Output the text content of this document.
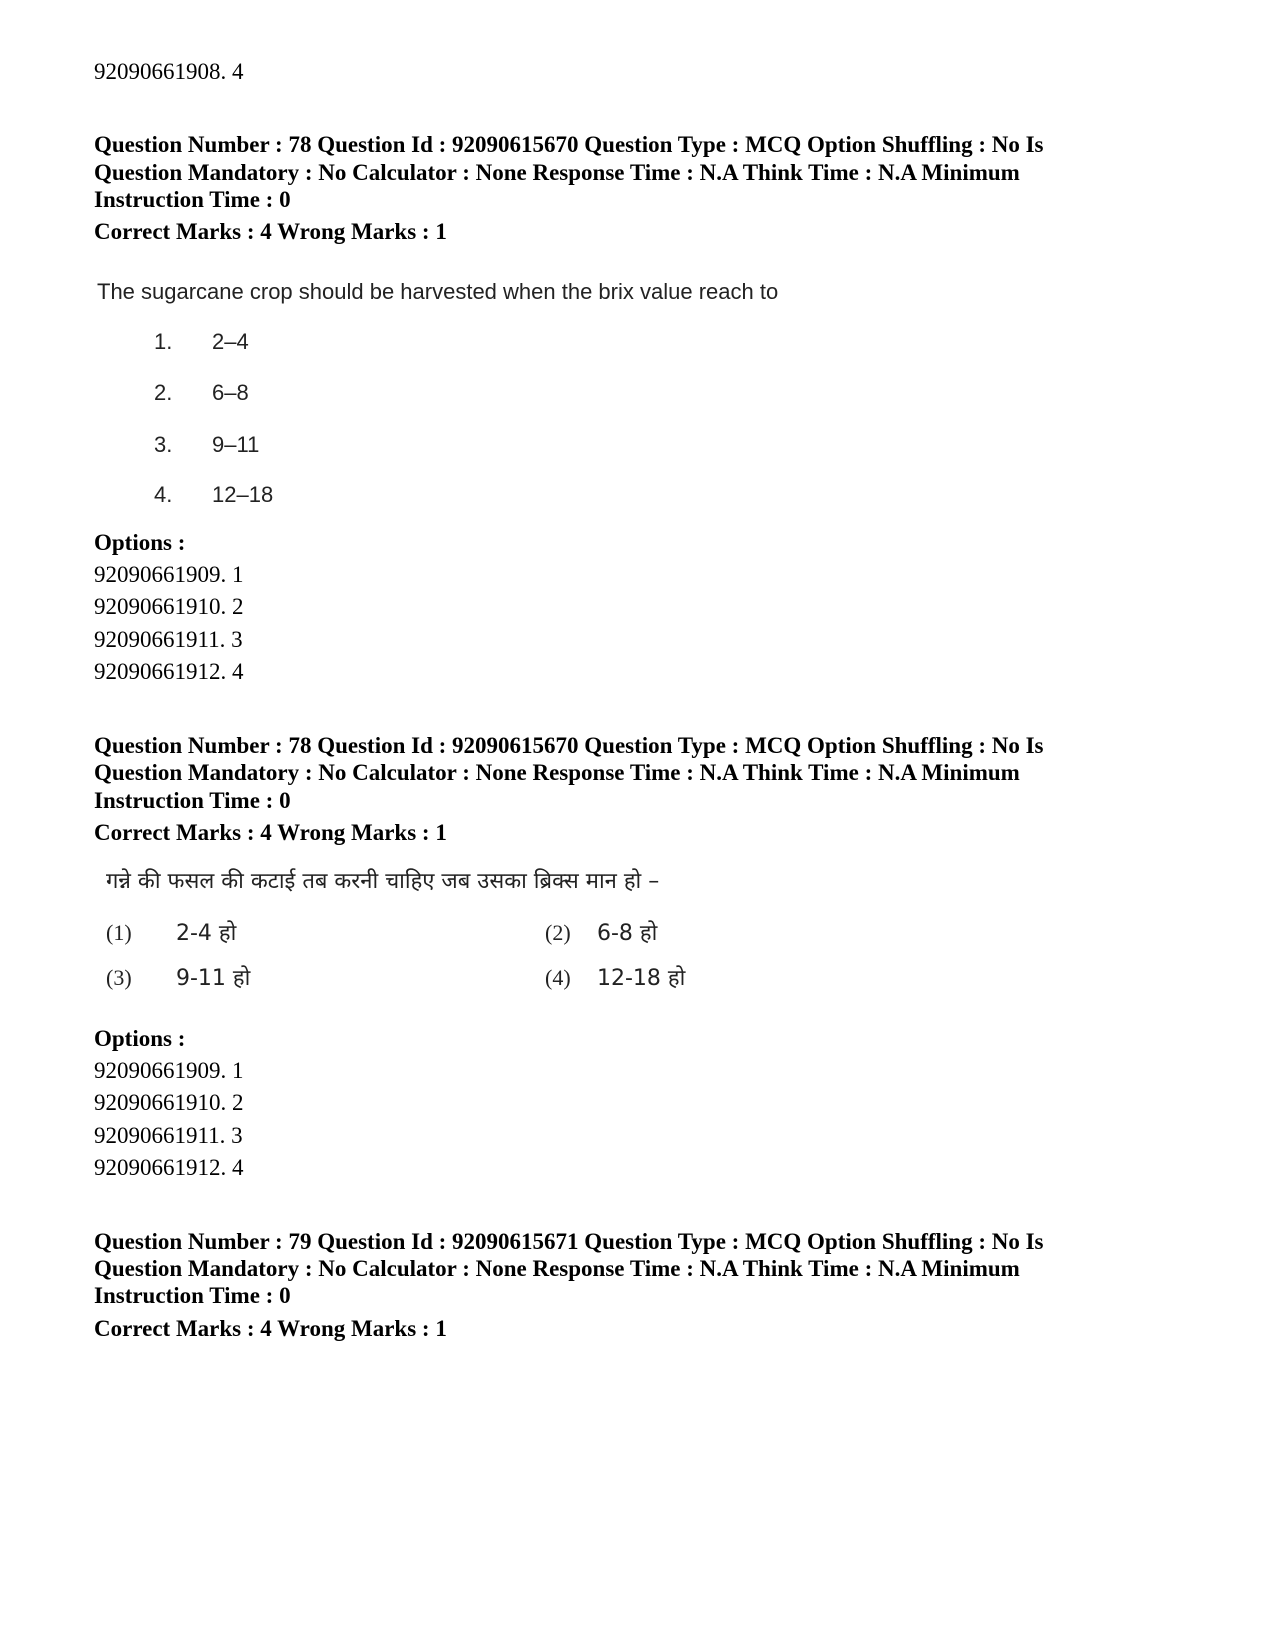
92090661908. 4
Question Number : 78 Question Id : 92090615670 Question Type : MCQ Option Shuffling : No Is
Question Mandatory : No Calculator : None Response Time : N.A Think Time : N.A Minimum
Instruction Time : 0
Correct Marks : 4 Wrong Marks : 1
The sugarcane crop should be harvested when the brix value reach to
1. 2–4
2. 6–8
3. 9–11
4. 12–18
Options :
92090661909. 1
92090661910. 2
92090661911. 3
92090661912. 4
Question Number : 78 Question Id : 92090615670 Question Type : MCQ Option Shuffling : No Is
Question Mandatory : No Calculator : None Response Time : N.A Think Time : N.A Minimum
Instruction Time : 0
Correct Marks : 4 Wrong Marks : 1
गन्ने की फसल की कटाई तब करनी चाहिए जब उसका ब्रिक्स मान हो –
(1) 2-4 हो	(2) 6-8 हो
(3) 9-11 हो	(4) 12-18 हो
Options :
92090661909. 1
92090661910. 2
92090661911. 3
92090661912. 4
Question Number : 79 Question Id : 92090615671 Question Type : MCQ Option Shuffling : No Is
Question Mandatory : No Calculator : None Response Time : N.A Think Time : N.A Minimum
Instruction Time : 0
Correct Marks : 4 Wrong Marks : 1
